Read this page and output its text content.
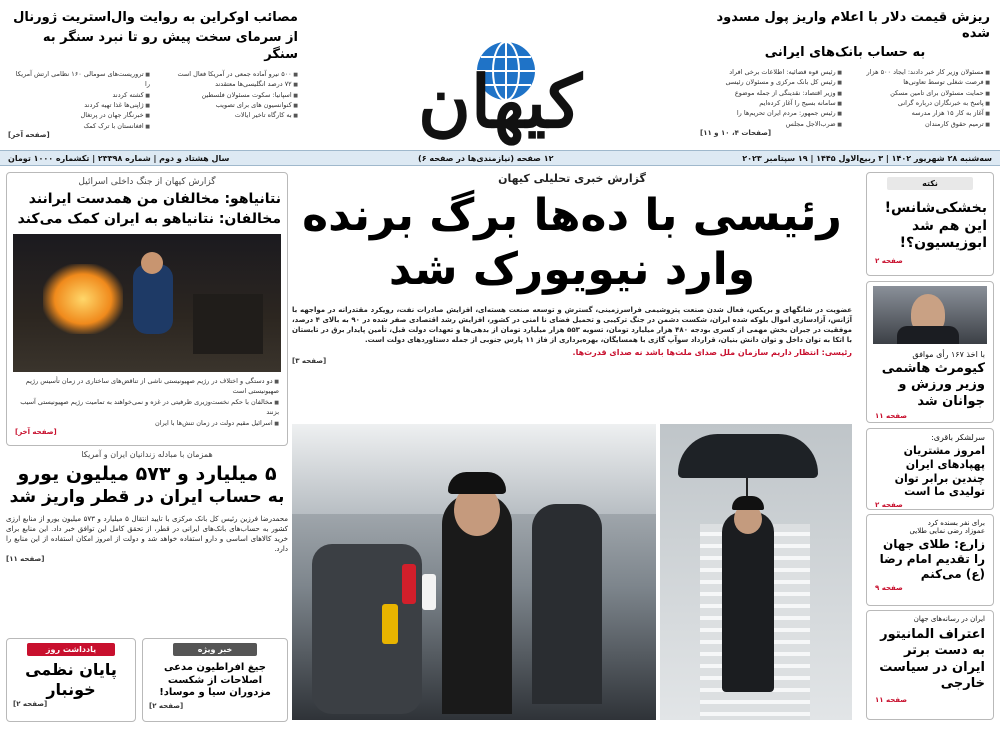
ریزش قیمت دلار با اعلام واریز پول مسدود شده
به حساب بانک‌های ایرانی
■ مسئولان وزیر کار خبر دادند: ایجاد ۵۰۰ هزار
■ فرصت شغلی توسط تعاونی‌ها
■ حمایت مسئولان برای تامین مسکن
■ پاسخ به خبرنگاران درباره گرانی
■ آغاز به کار ۱۵ هزار مدرسه
■ ترمیم حقوق کارمندان
■ رئیس قوه قضائیه: اطلاعات برخی افراد
■ رئیس کل بانک مرکزی و مسئولان رئیسی
■ وزیر اقتصاد: نقدینگی از جمله موضوع
■ سامانه بسیج را آغاز کرده‌ایم
■ رئیس جمهور: مردم ایران تحریم‌ها را
■ ضرب‌الاجل مجلس
[صفحات ۴، ۱۰ و ۱۱]
کیهان
مصائب اوکراین به روایت وال‌استریت ژورنال
از سرمای سخت پیش رو تا نبرد سنگر به سنگر
■ ۵۰۰ نیرو آماده جمعی در آمریکا فعال است
■ ۷۲ درصد انگلیسی‌ها معتقدند
■ اسپانیا: سکوت مسئولان فلسطین
■ کنوانسیون های برای تصویب
■ به کارگاه تاخیر ایالات
■ تروریست‌های سومالی ۱۶۰ نظامی ارتش آمریکا را
■ کشته کردند
■ ژاپنی‌ها غذا تهیه کردند
■ خبرنگار جهان در پرتغال
■ افغانستان با ترک کمک
[صفحه آخر]
سه‌شنبه ۲۸ شهریور ۱۴۰۲ | ۳ ربیع‌الاول ۱۴۴۵ | ۱۹ سپتامبر ۲۰۲۳
۱۲ صفحه (نیازمندی‌ها در صفحه ۶)
سال هشتاد و دوم | شماره ۲۳۳۹۸ | تکشماره ۱۰۰۰ تومان
نکته
بخشکی‌شانس! این هم شد ابوزیسیون؟!
صفحه ۲
با اخذ ۱۶۷ رأی موافق
کیومرث هاشمی وزیر ورزش و جوانان شد
صفحه ۱۱
سرلشکر باقری:
امروز مشتریان پهپادهای ایران چندین برابر توان تولیدی ما است
صفحه ۲
برای نفر بسنده کرد
عموزاد رضی نمایی طلایی
زارع: طلای جهان را تقدیم امام رضا (ع) می‌کنم
صفحه ۹
ایران در رسانه‌های جهان
اعتراف المانیتور به دست برتر ایران در سیاست خارجی
صفحه ۱۱
گزارش خبری تحلیلی کیهان
رئیسی با ده‌ها برگ برنده
وارد نیویورک شد
عضویت در شانگهای و بریکس، فعال شدن صنعت پتروشیمی فراسرزمینی، گسترش و توسعه صنعت هسته‌ای، افزایش صادرات نفت، رویکرد مقتدرانه در مواجهه با آژانس، آزادسازی اموال بلوکه شده ایران، شکست دشمن در جنگ ترکیبی و تحمیل فضای نا امنی در کشور، افزایش رشد اقتصادی صفر شده در ۹۰ به بالای ۴ درصد، موفقیت در جبران بخش مهمی از کسری بودجه ۴۸۰ هزار میلیارد تومان، تسویه ۵۵۳ هزار میلیارد تومان از بدهی‌ها و تعهدات دولت قبل، تأمین پایدار برق در تابستان با اتکا به توان داخل و توان دانش بنیان، قرارداد سوآپ گازی با همسایگان، بهره‌برداری از فاز ۱۱ پارس جنوبی از جمله دستاوردهای دولت است.
رئیسی: انتظار داریم سازمان ملل صدای ملت‌ها باشد نه صدای قدرت‌ها.
[صفحه ۳]
گزارش کیهان از جنگ داخلی اسرائیل
نتانیاهو: مخالفان من همدست ایرانند
مخالفان: نتانیاهو به ایران کمک می‌کند
■ دو دستگی و اختلاف در رژیم صهیونیستی ناشی از تناقض‌های ساختاری در زمان تأسیس رژیم صهیونیستی است
■ مخالفان با حکم نخست‌وزیری ظرفیتی در غزه و نمی‌خواهند به تمامیت رژیم صهیونیستی آسیب بزنند
■ اسرائیل مقیم دولت در زمان تنش‌ها با ایران
[صفحه آخر]
همزمان با مبادله زندانیان ایران و آمریکا
۵ میلیارد و ۵۷۳ میلیون یورو
به حساب ایران در قطر واریز شد
محمدرضا فرزین رئیس کل بانک مرکزی با تایید انتقال ۵ میلیارد و ۵۷۳ میلیون یورو از منابع ارزی کشور به حساب‌های بانک‌های ایرانی در قطر، از تحقق کامل این توافق خبر داد. این منابع برای خرید کالاهای اساسی و دارو استفاده خواهد شد و دولت از امروز امکان استفاده از این منابع را دارد.
[صفحه ۱۱]
یادداشت روز
پایان نظمی
خونبار
[صفحه ۲]
خبر ویژه
جیغ افراطیون مدعی اصلاحات از شکست مزدوران سیا و موساد!
[صفحه ۲]
